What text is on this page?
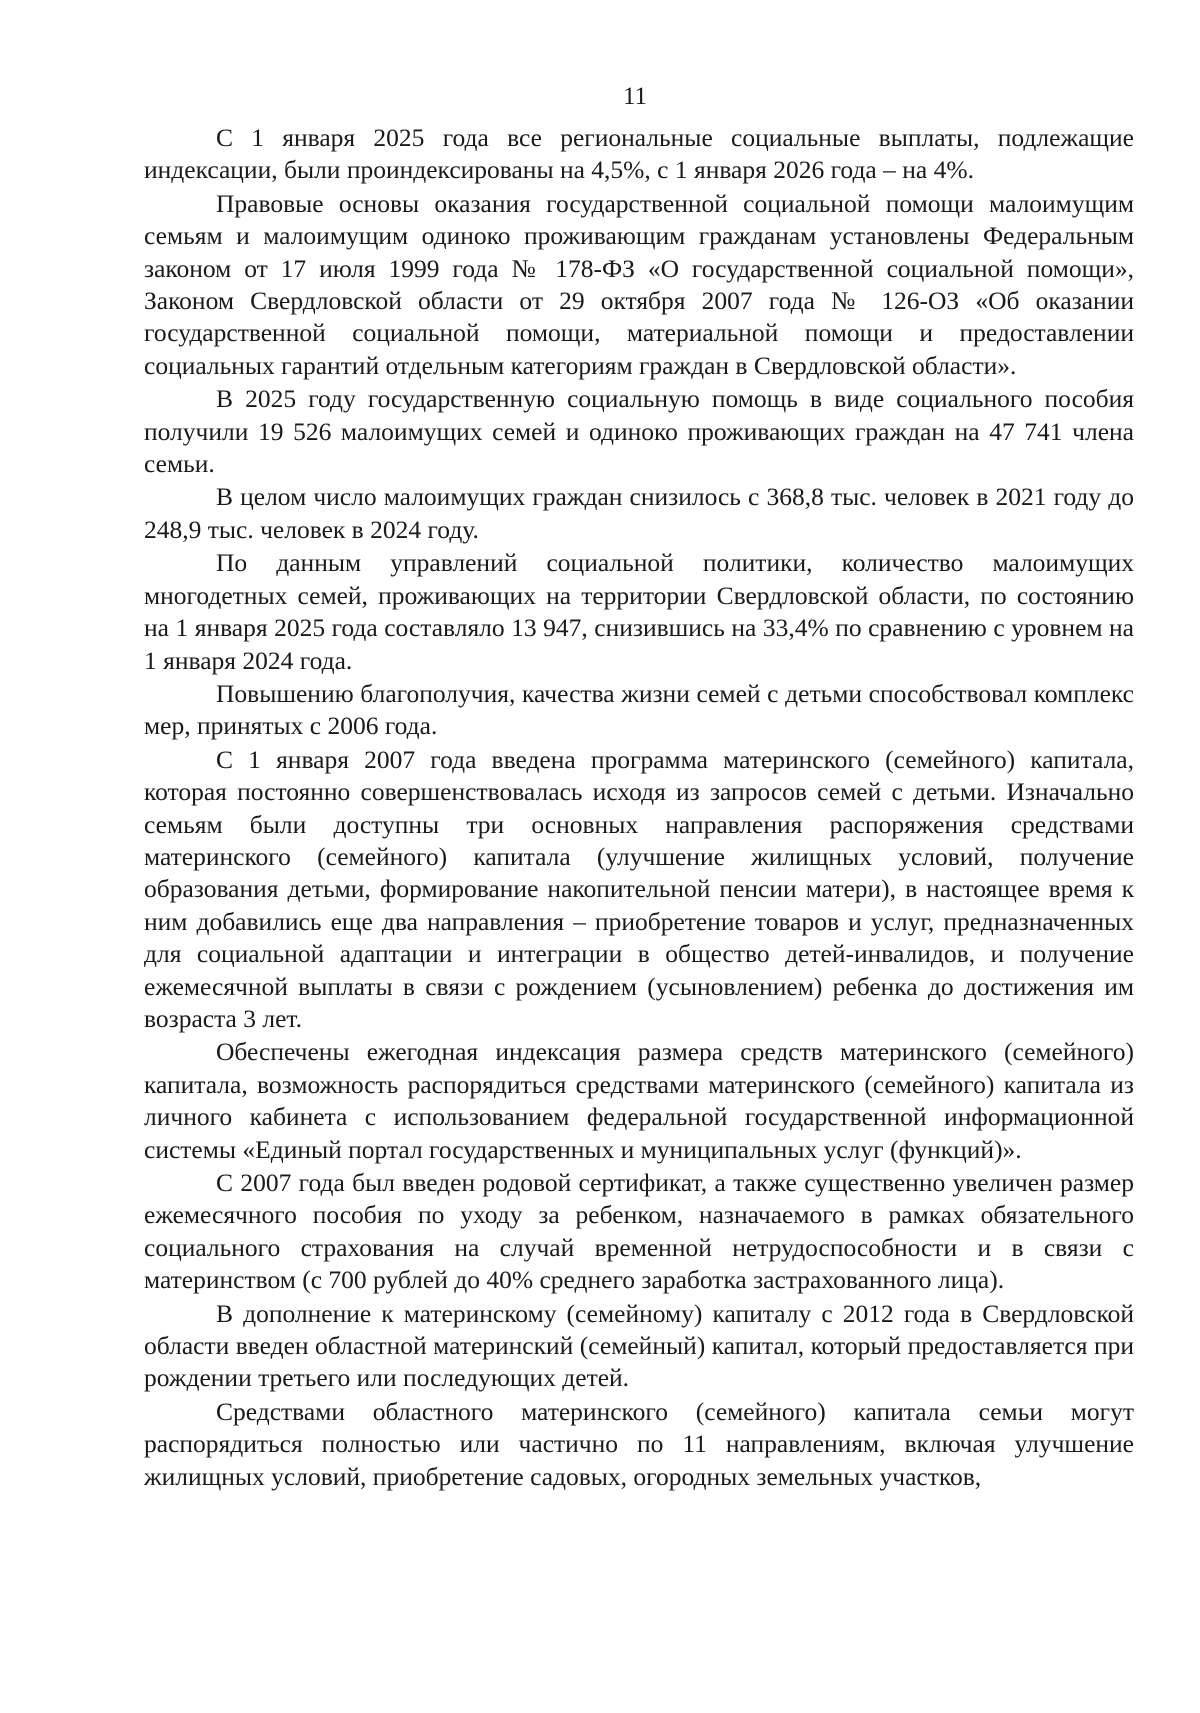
11

С 1 января 2025 года все региональные социальные выплаты, подлежащие индексации, были проиндексированы на 4,5%, с 1 января 2026 года – на 4%.

Правовые основы оказания государственной социальной помощи малоимущим семьям и малоимущим одиноко проживающим гражданам установлены Федеральным законом от 17 июля 1999 года № 178-ФЗ «О государственной социальной помощи», Законом Свердловской области от 29 октября 2007 года № 126-ОЗ «Об оказании государственной социальной помощи, материальной помощи и предоставлении социальных гарантий отдельным категориям граждан в Свердловской области».

В 2025 году государственную социальную помощь в виде социального пособия получили 19 526 малоимущих семей и одиноко проживающих граждан на 47 741 члена семьи.

В целом число малоимущих граждан снизилось с 368,8 тыс. человек в 2021 году до 248,9 тыс. человек в 2024 году.

По данным управлений социальной политики, количество малоимущих многодетных семей, проживающих на территории Свердловской области, по состоянию на 1 января 2025 года составляло 13 947, снизившись на 33,4% по сравнению с уровнем на 1 января 2024 года.

Повышению благополучия, качества жизни семей с детьми способствовал комплекс мер, принятых с 2006 года.

С 1 января 2007 года введена программа материнского (семейного) капитала, которая постоянно совершенствовалась исходя из запросов семей с детьми. Изначально семьям были доступны три основных направления распоряжения средствами материнского (семейного) капитала (улучшение жилищных условий, получение образования детьми, формирование накопительной пенсии матери), в настоящее время к ним добавились еще два направления – приобретение товаров и услуг, предназначенных для социальной адаптации и интеграции в общество детей-инвалидов, и получение ежемесячной выплаты в связи с рождением (усыновлением) ребенка до достижения им возраста 3 лет.

Обеспечены ежегодная индексация размера средств материнского (семейного) капитала, возможность распорядиться средствами материнского (семейного) капитала из личного кабинета с использованием федеральной государственной информационной системы «Единый портал государственных и муниципальных услуг (функций)».

С 2007 года был введен родовой сертификат, а также существенно увеличен размер ежемесячного пособия по уходу за ребенком, назначаемого в рамках обязательного социального страхования на случай временной нетрудоспособности и в связи с материнством (с 700 рублей до 40% среднего заработка застрахованного лица).

В дополнение к материнскому (семейному) капиталу с 2012 года в Свердловской области введен областной материнский (семейный) капитал, который предоставляется при рождении третьего или последующих детей.

Средствами областного материнского (семейного) капитала семьи могут распорядиться полностью или частично по 11 направлениям, включая улучшение жилищных условий, приобретение садовых, огородных земельных участков,
